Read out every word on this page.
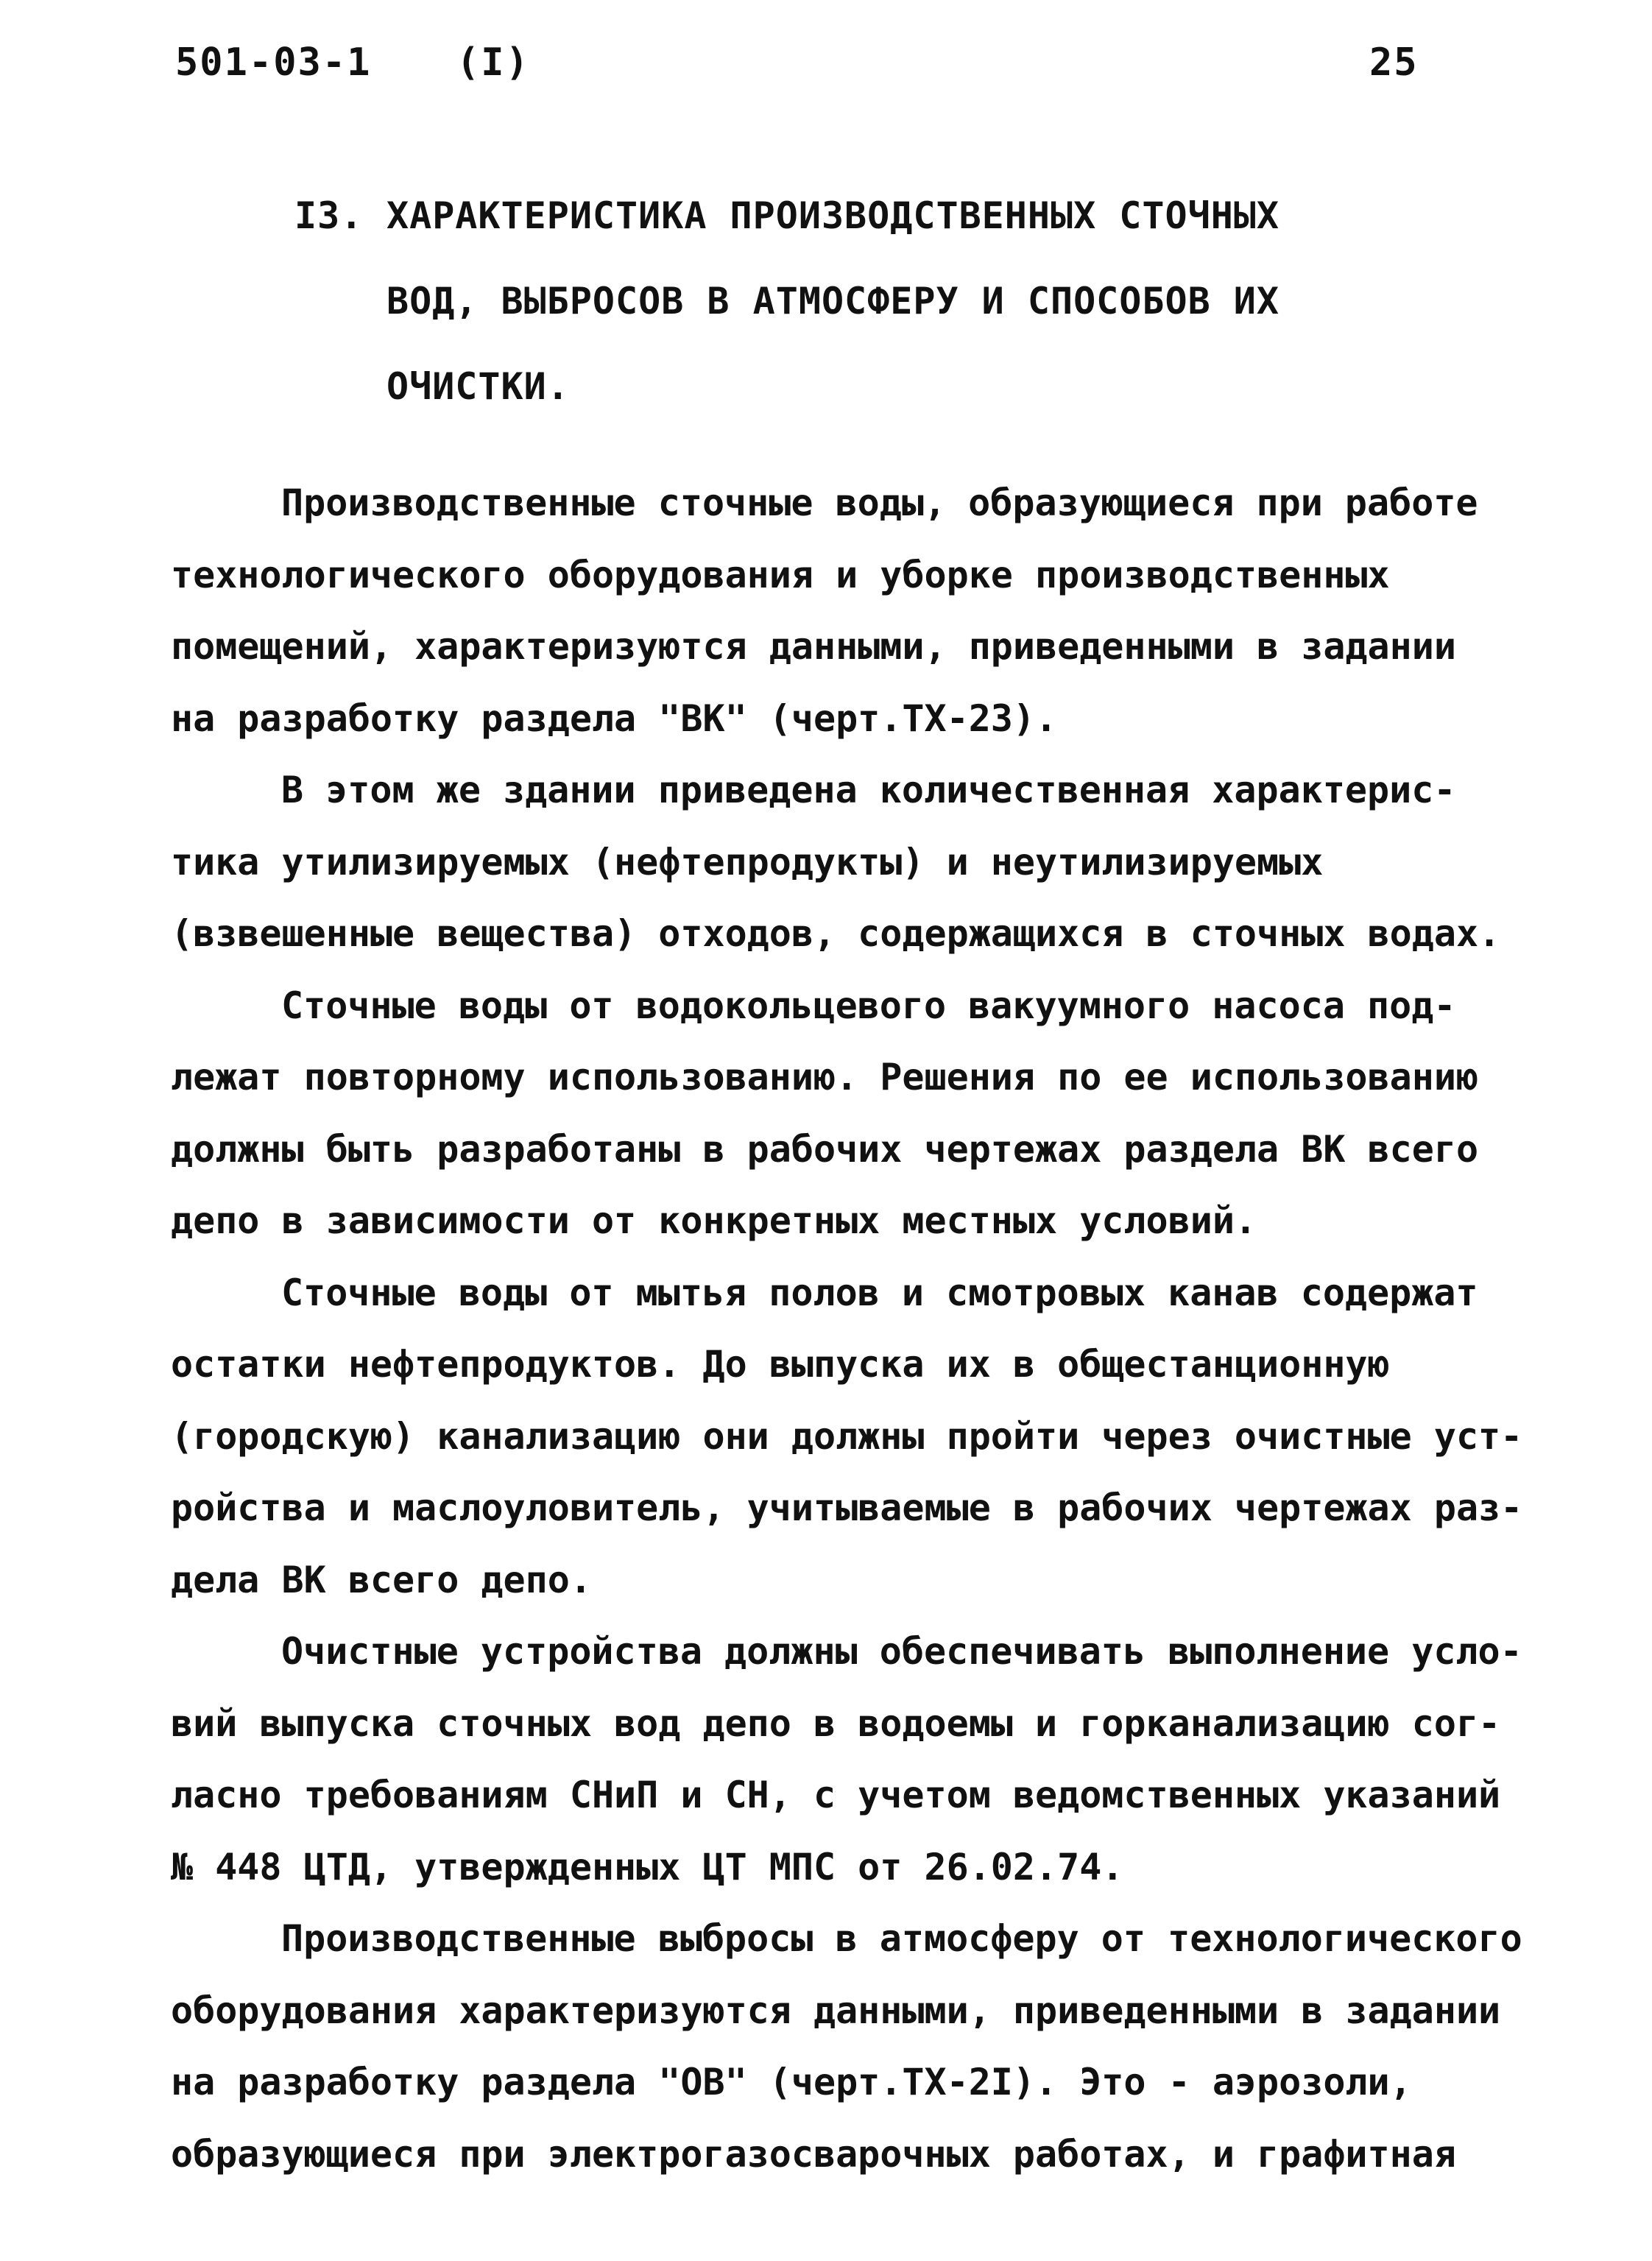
501-03-1 (I)	25
I3. ХАРАКТЕРИСТИКА ПРОИЗВОДСТВЕННЫХ СТОЧНЫХ
ВОД, ВЫБРОСОВ В АТМОСФЕРУ И СПОСОБОВ ИХ
ОЧИСТКИ.
Производственные сточные воды, образующиеся при работе
технологического оборудования и уборке производственных
помещений, характеризуются данными, приведенными в задании
на разработку раздела "ВК" (черт.ТХ-23).
В этом же здании приведена количественная характерис-
тика утилизируемых (нефтепродукты) и неутилизируемых
(взвешенные вещества) отходов, содержащихся в сточных водах.
Сточные воды от водокольцевого вакуумного насоса под-
лежат повторному использованию. Решения по ее использованию
должны быть разработаны в рабочих чертежах раздела ВК всего
депо в зависимости от конкретных местных условий.
Сточные воды от мытья полов и смотровых канав содержат
остатки нефтепродуктов. До выпуска их в общестанционную
(городскую) канализацию они должны пройти через очистные уст-
ройства и маслоуловитель, учитываемые в рабочих чертежах раз-
дела ВК всего депо.
Очистные устройства должны обеспечивать выполнение усло-
вий выпуска сточных вод депо в водоемы и горканализацию сог-
ласно требованиям СНиП и СН, с учетом ведомственных указаний
№ 448 ЦТД, утвержденных ЦТ МПС от 26.02.74.
Производственные выбросы в атмосферу от технологического
оборудования характеризуются данными, приведенными в задании
на разработку раздела "ОВ" (черт.ТХ-2I). Это - аэрозоли,
образующиеся при электрогазосварочных работах, и графитная
